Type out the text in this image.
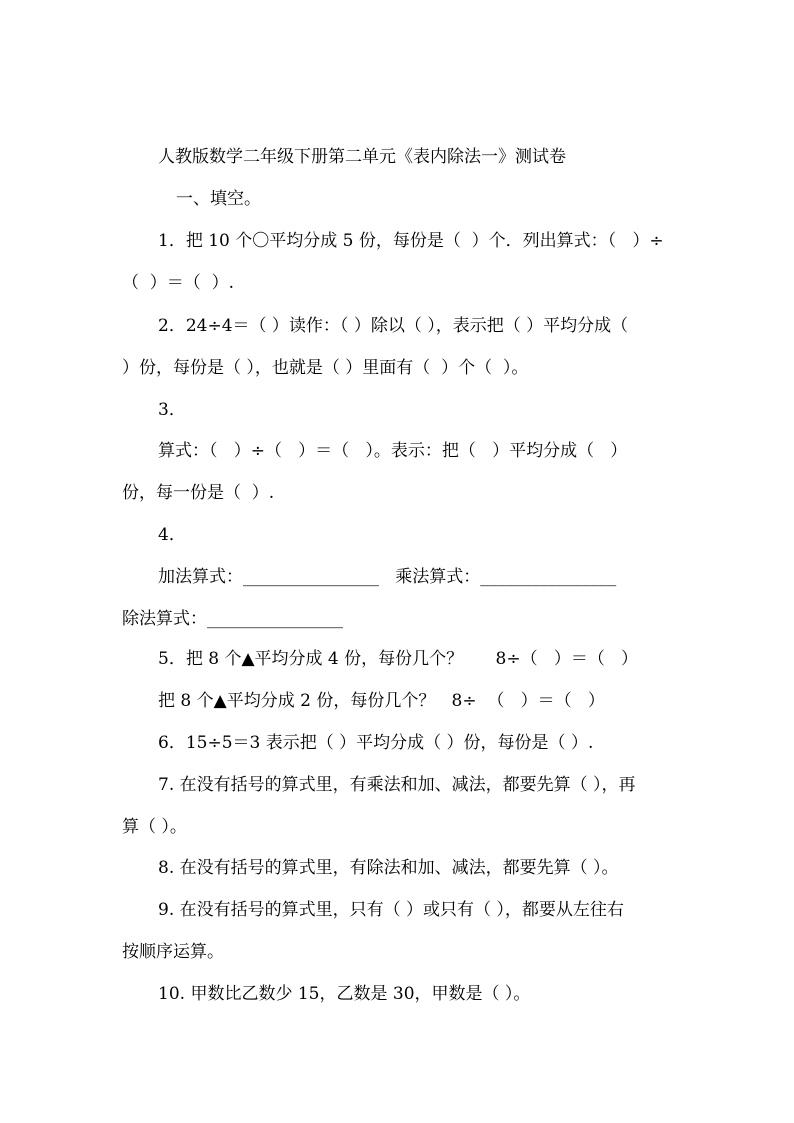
人教版数学二年级下册第二单元《表内除法一》测试卷
一、填空。
1．把 10 个〇平均分成 5 份，每份是（  ）个．列出算式：（   ）÷
（  ）＝（  ）.
2．24÷4＝（ ）读作：（ ）除以（ ），表示把（ ）平均分成（
）份，每份是（ ），也就是（ ）里面有（  ）个（  ）。
3．
算式：（   ）÷（   ）＝（   ）。表示：把（   ）平均分成（   ）
份，每一份是（  ）.
4．
加法算式：________________   乘法算式：________________
除法算式：________________
5．把 8 个▲平均分成 4 份，每份几个？      8÷（   ）＝（   ）
把 8 个▲平均分成 2 份，每份几个？   8÷  （   ）＝（   ）
6．15÷5＝3 表示把（ ）平均分成（ ）份，每份是（ ）.
7. 在没有括号的算式里，有乘法和加、减法，都要先算（ ），再
算（ ）。
8. 在没有括号的算式里，有除法和加、减法，都要先算（ ）。
9. 在没有括号的算式里，只有（ ）或只有（ ），都要从左往右
按顺序运算。
10. 甲数比乙数少 15，乙数是 30，甲数是（ ）。
